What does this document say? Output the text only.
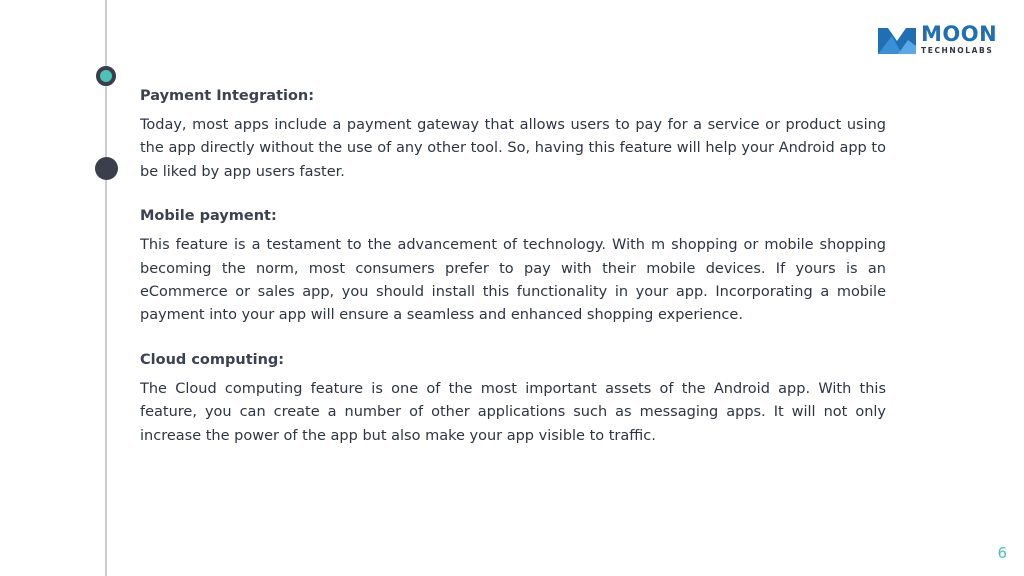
MOON
TECHNOLABS

Payment Integration:

Today, most apps include a payment gateway that allows users to pay for a service or product using the app directly without the use of any other tool. So, having this feature will help your Android app to be liked by app users faster.

Mobile payment:

This feature is a testament to the advancement of technology. With m shopping or mobile shopping becoming the norm, most consumers prefer to pay with their mobile devices. If yours is an eCommerce or sales app, you should install this functionality in your app. Incorporating a mobile payment into your app will ensure a seamless and enhanced shopping experience.

Cloud computing:

The Cloud computing feature is one of the most important assets of the Android app. With this feature, you can create a number of other applications such as messaging apps. It will not only increase the power of the app but also make your app visible to traffic.

6
